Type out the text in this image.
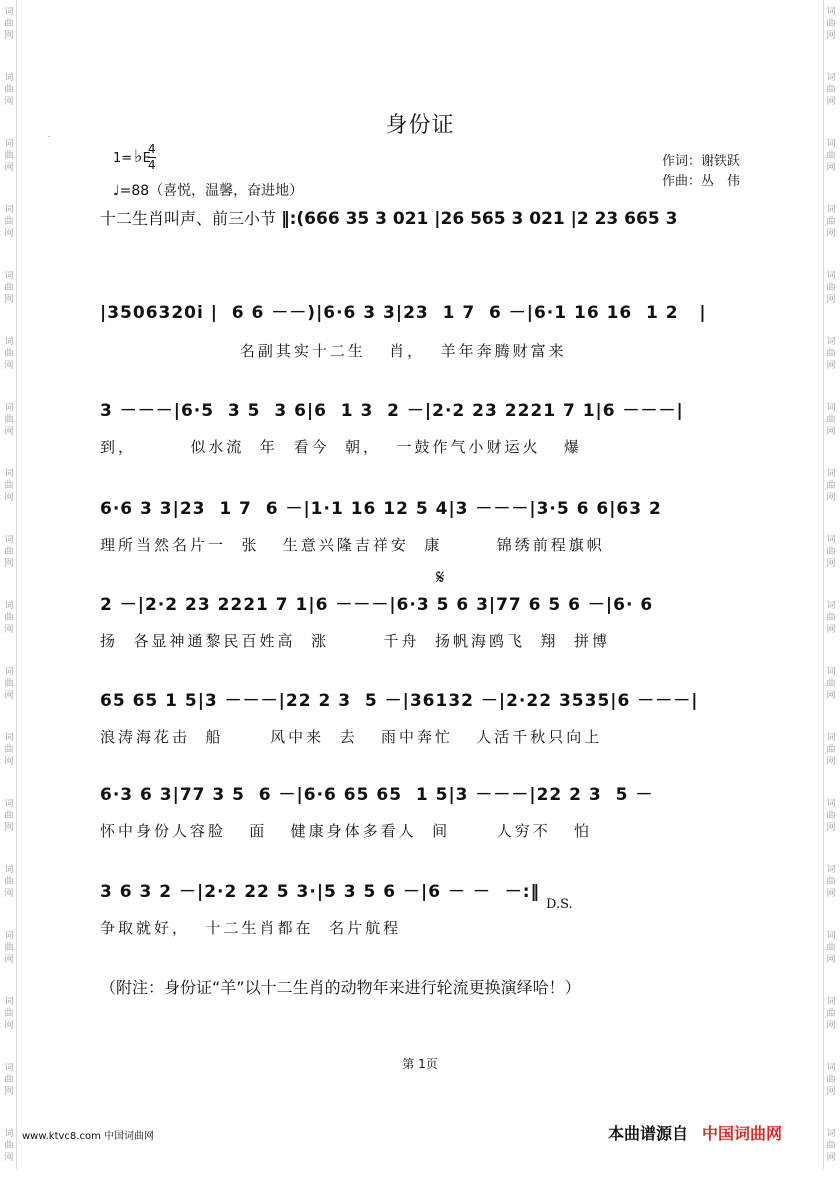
词曲网
词曲网
词曲网
词曲网
词曲网
词曲网
词曲网
词曲网
词曲网
词曲网
词曲网
词曲网
词曲网
词曲网
词曲网
词曲网
词曲网
词曲网
词曲网
词曲网
词曲网
词曲网
词曲网
词曲网
词曲网
词曲网
词曲网
词曲网
词曲网
词曲网
词曲网
词曲网
词曲网
词曲网
词曲网
词曲网
·	身份证
1= ♭E
4
4
♩=88（喜悦，温馨，奋进地）
作词：谢铁跃
作曲：丛　伟
十二生肖叫声、前三小节 ‖:(666 35 3 021 |26 565 3 021 |2 23 665 3
|3506320i |  6 6 －－)|6·6 3 3|23  1 7  6 －|6·1 16 16  1 2   |
名副其实十二生   肖，  羊年奔腾财富来
3 －－－|6·5  3 5  3 6|6  1 3  2 －|2·2 23 2221 7 1|6 －－－|
到，       似水流  年  看今  朝，  一鼓作气小财运火   爆
6·6 3 3|23  1 7  6 －|1·1 16 12 5 4|3 －－－|3·5 6 6|63 2
理所当然名片一  张   生意兴隆吉祥安  康       锦绣前程旗帜
𝄋
2 －|2·2 23 2221 7 1|6 －－－|6·3 5 6 3|77 6 5 6 －|6· 6
扬  各显神通黎民百姓高  涨       千舟  扬帆海鸥飞  翔  拼博
65 65 1 5|3 －－－|22 2 3  5 －|36132 －|2·22 3535|6 －－－|
浪涛海花击  船      风中来  去   雨中奔忙   人活千秋只向上
6·3 6 3|77 3 5  6 －|6·6 65 65  1 5|3 －－－|22 2 3  5 －
怀中身份人容脸   面   健康身体多看人  间      人穷不   怕
3 6 3 2 －|2·2 22 5 3·|5 3 5 6 －|6 － －  －:‖
D.S.
争取就好，  十二生肖都在  名片航程
（附注：身份证“羊”以十二生肖的动物年来进行轮流更换演绎哈！）
第 1页
www.ktvc8.com 中国词曲网	本曲谱源自 中国词曲网
